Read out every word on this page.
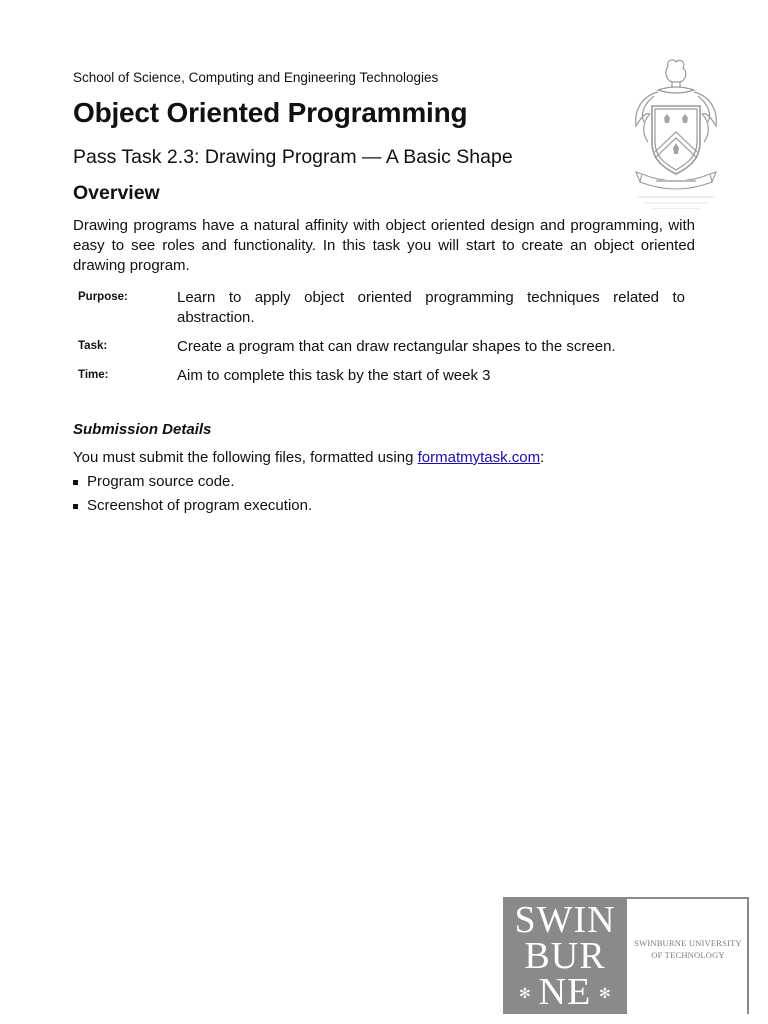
School of Science, Computing and Engineering Technologies
Object Oriented Programming
Pass Task 2.3: Drawing Program — A Basic Shape
Overview

Drawing programs have a natural affinity with object oriented design and programming, with easy to see roles and functionality. In this task you will start to create an object oriented drawing program.

Purpose:	Learn to apply object oriented programming techniques related to abstraction.
Task:	Create a program that can draw rectangular shapes to the screen.
Time:	Aim to complete this task by the start of week 3
Submission Details
You must submit the following files, formatted using formatmytask.com:
Program source code.
Screenshot of program execution.
SWIN
BUR
NE
✻	✻
SWINBURNE UNIVERSITY
OF TECHNOLOGY
